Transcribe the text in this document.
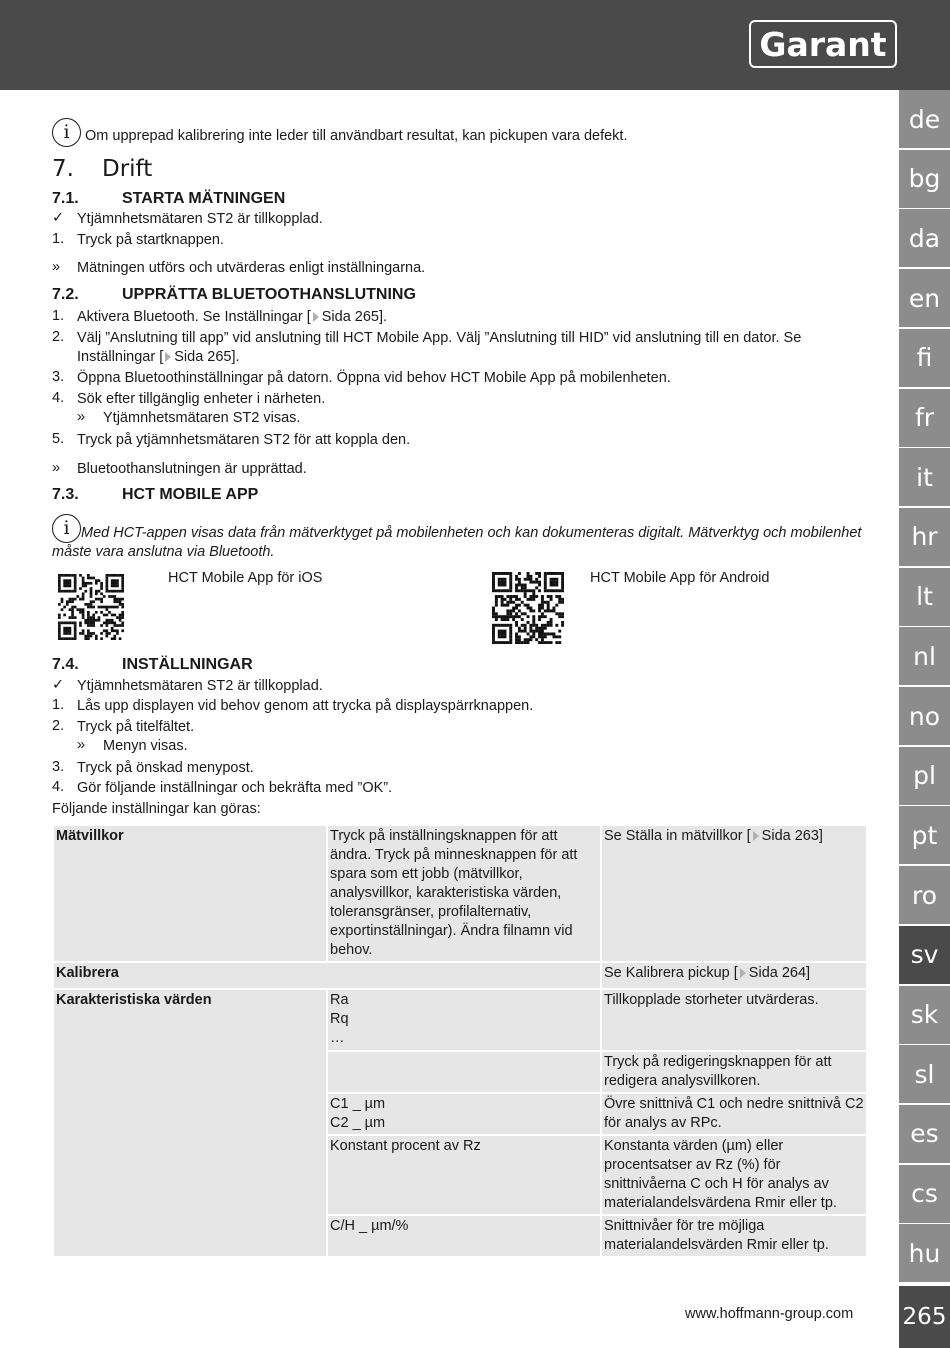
Garant
de
bg
da
en
fi
fr
it
hr
lt
nl
no
pl
pt
ro
sv
sk
sl
es
cs
hu
265
i Om upprepad kalibrering inte leder till användbart resultat, kan pickupen vara defekt.
7. Drift
7.1.	STARTA MÄTNINGEN
✓ Ytjämnhetsmätaren ST2 är tillkopplad.
1. Tryck på startknappen.
»	Mätningen utförs och utvärderas enligt inställningarna.
7.2.	UPPRÄTTA BLUETOOTHANSLUTNING
1. Aktivera Bluetooth. Se Inställningar [ Sida 265].
2. Välj ”Anslutning till app” vid anslutning till HCT Mobile App. Välj ”Anslutning till HID” vid anslutning till en dator. Se Inställningar [ Sida 265].
3. Öppna Bluetoothinställningar på datorn. Öppna vid behov HCT Mobile App på mobilenheten.
4. Sök efter tillgänglig enheter i närheten.
»	Ytjämnhetsmätaren ST2 visas.
5. Tryck på ytjämnhetsmätaren ST2 för att koppla den.
»	Bluetoothanslutningen är upprättad.
7.3.	HCT MOBILE APP
i Med HCT-appen visas data från mätverktyget på mobilenheten och kan dokumenteras digitalt. Mätverktyg och mobilenhet måste vara anslutna via Bluetooth.
HCT Mobile App för iOS	HCT Mobile App för Android
7.4.	INSTÄLLNINGAR
✓ Ytjämnhetsmätaren ST2 är tillkopplad.
1. Lås upp displayen vid behov genom att trycka på displayspärrknappen.
2. Tryck på titelfältet.
»	Menyn visas.
3. Tryck på önskad menypost.
4. Gör följande inställningar och bekräfta med ”OK”.
Följande inställningar kan göras:
Mätvillkor	Tryck på inställningsknappen för att ändra. Tryck på minnesknappen för att spara som ett jobb (mätvillkor, analysvillkor, karakteristiska värden, toleransgränser, profilalternativ, exportinställningar). Ändra filnamn vid behov.	Se Ställa in mätvillkor [ Sida 263]
Kalibrera		Se Kalibrera pickup [ Sida 264]
Karakteristiska värden	Ra
Rq
…	Tillkopplade storheter utvärderas.
		Tryck på redigeringsknappen för att redigera analysvillkoren.

	C1 _ µm
C2 _ µm	Övre snittnivå C1 och nedre snittnivå C2 för analys av RPc.
	Konstant procent av Rz	Konstanta värden (µm) eller procentsatser av Rz (%) för snittnivåerna C och H för analys av materialandelsvärdena Rmir eller tp.
	C/H _ µm/%	Snittnivåer för tre möjliga materialandelsvärden Rmir eller tp.
www.hoffmann-group.com
